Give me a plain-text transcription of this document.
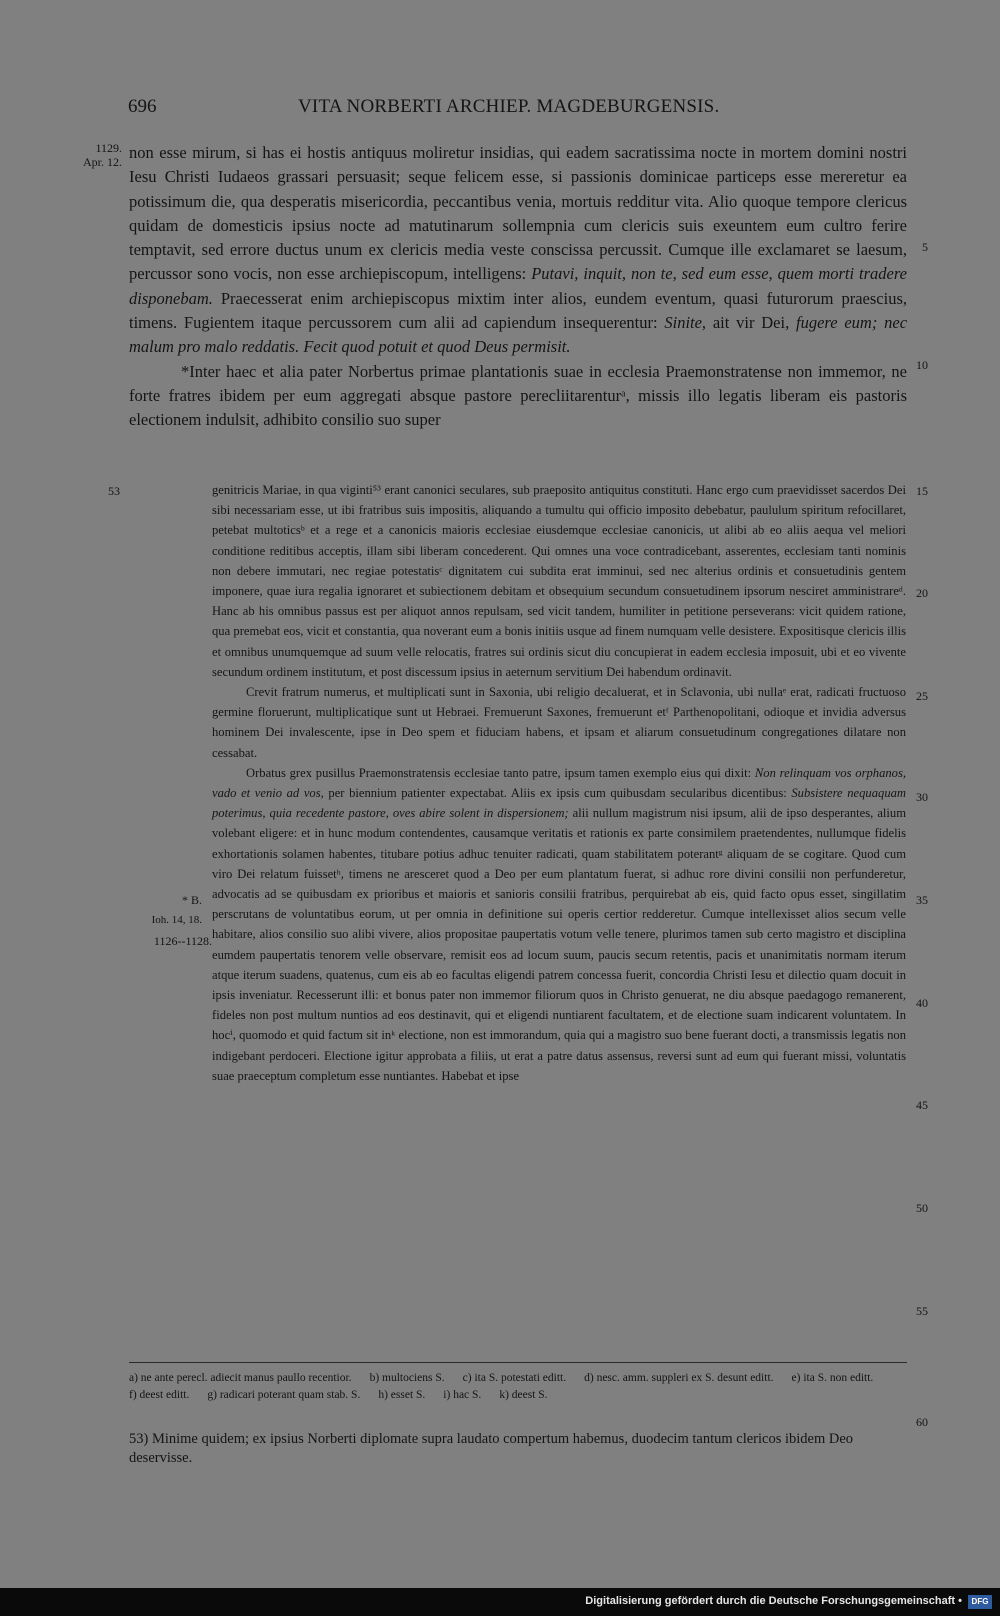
696	VITA NORBERTI ARCHIEP. MAGDEBURGENSIS.
1129.
Apr. 12.
53
* B.
Ioh. 14, 18.
1126--1128.
5
10
15
20
25
30
35
40
45
50
55
60

non esse mirum, si has ei hostis antiquus moliretur insidias, qui eadem sacratissima nocte in mortem domini nostri Iesu Christi Iudaeos grassari persuasit; seque felicem esse, si passionis dominicae particeps esse mereretur ea potissimum die, qua desperatis misericordia, peccantibus venia, mortuis redditur vita. Alio quoque tempore clericus quidam de domesticis ipsius nocte ad matutinarum sollempnia cum clericis suis exeuntem eum cultro ferire temptavit, sed errore ductus unum ex clericis media veste conscissa percussit. Cumque ille exclamaret se laesum, percussor sono vocis, non esse archiepiscopum, intelligens: Putavi, inquit, non te, sed eum esse, quem morti tradere disponebam. Praecesserat enim archiepiscopus mixtim inter alios, eundem eventum, quasi futurorum praescius, timens. Fugientem itaque percussorem cum alii ad capiendum insequerentur: Sinite, ait vir Dei, fugere eum; nec malum pro malo reddatis. Fecit quod potuit et quod Deus permisit.

*Inter haec et alia pater Norbertus primae plantationis suae in ecclesia Praemonstratense non immemor, ne forte fratres ibidem per eum aggregati absque pastore perecliitarenturᵃ, missis illo legatis liberam eis pastoris electionem indulsit, adhibito consilio suo super

genitricis Mariae, in qua viginti⁵³ erant canonici seculares, sub praeposito antiquitus constituti. Hanc ergo cum praevidisset sacerdos Dei sibi necessariam esse, ut ibi fratribus suis impositis, aliquando a tumultu qui officio imposito debebatur, paululum spiritum refocillaret, petebat multoticsᵇ et a rege et a canonicis maioris ecclesiae eiusdemque ecclesiae canonicis, ut alibi ab eo aliis aequa vel meliori conditione reditibus acceptis, illam sibi liberam concederent. Qui omnes una voce contradicebant, asserentes, ecclesiam tanti nominis non debere immutari, nec regiae potestatisᶜ dignitatem cui subdita erat imminui, sed nec alterius ordinis et consuetudinis gentem imponere, quae iura regalia ignoraret et subiectionem debitam et obsequium secundum consuetudinem ipsorum nesciret amministrareᵈ. Hanc ab his omnibus passus est per aliquot annos repulsam, sed vicit tandem, humiliter in petitione perseverans: vicit quidem ratione, qua premebat eos, vicit et constantia, qua noverant eum a bonis initiis usque ad finem numquam velle desistere. Expositisque clericis illis et omnibus unumquemque ad suum velle relocatis, fratres sui ordinis sicut diu concupierat in eadem ecclesia imposuit, ubi et eo vivente secundum ordinem institutum, et post discessum ipsius in aeternum servitium Dei habendum ordinavit.

Crevit fratrum numerus, et multiplicati sunt in Saxonia, ubi religio decaluerat, et in Sclavonia, ubi nullaᵉ erat, radicati fructuoso germine floruerunt, multiplicatique sunt ut Hebraei. Fremuerunt Saxones, fremuerunt etᶠ Parthenopolitani, odioque et invidia adversus hominem Dei invalescente, ipse in Deo spem et fiduciam habens, et ipsam et aliarum consuetudinum congregationes dilatare non cessabat.

Orbatus grex pusillus Praemonstratensis ecclesiae tanto patre, ipsum tamen exemplo eius qui dixit: Non relinquam vos orphanos, vado et venio ad vos, per biennium patienter expectabat. Aliis ex ipsis cum quibusdam secularibus dicentibus: Subsistere nequaquam poterimus, quia recedente pastore, oves abire solent in dispersionem; alii nullum magistrum nisi ipsum, alii de ipso desperantes, alium volebant eligere: et in hunc modum contendentes, causamque veritatis et rationis ex parte consimilem praetendentes, nullumque fidelis exhortationis solamen habentes, titubare potius adhuc tenuiter radicati, quam stabilitatem poterantᵍ aliquam de se cogitare. Quod cum viro Dei relatum fuissetʰ, timens ne aresceret quod a Deo per eum plantatum fuerat, si adhuc rore divini consilii non perfunderetur, advocatis ad se quibusdam ex prioribus et maioris et sanioris consilii fratribus, perquirebat ab eis, quid facto opus esset, singillatim perscrutans de voluntatibus eorum, ut per omnia in definitione sui operis certior redderetur. Cumque intellexisset alios secum velle habitare, alios consilio suo alibi vivere, alios propositae paupertatis votum velle tenere, plurimos tamen sub certo magistro et disciplina eumdem paupertatis tenorem velle observare, remisit eos ad locum suum, paucis secum retentis, pacis et unanimitatis normam iterum atque iterum suadens, quatenus, cum eis ab eo facultas eligendi patrem concessa fuerit, concordia Christi Iesu et dilectio quam docuit in ipsis inveniatur. Recesserunt illi: et bonus pater non immemor filiorum quos in Christo genuerat, ne diu absque paedagogo remanerent, fideles non post multum nuntios ad eos destinavit, qui et eligendi nuntiarent facultatem, et de electione suam indicarent voluntatem. In hocⁱ, quomodo et quid factum sit inᵏ electione, non est immorandum, quia qui a magistro suo bene fuerant docti, a transmissis legatis non indigebant perdoceri. Electione igitur approbata a filiis, ut erat a patre datus assensus, reversi sunt ad eum qui fuerant missi, voluntatis suae praeceptum completum esse nuntiantes. Habebat et ipse

a) ne ante perecl. adiecit manus paullo recentior. b) multociens S. c) ita S. potestati editt. d) nesc. amm. suppleri ex S. desunt editt. e) ita S. non editt.
f) deest editt. g) radicari poterant quam stab. S. h) esset S. i) hac S. k) deest S.

53) Minime quidem; ex ipsius Norberti diplomate supra laudato compertum habemus, duodecim tantum clericos ibidem Deo deservisse.

Digitalisierung gefördert durch die Deutsche Forschungsgemeinschaft •	DFG
